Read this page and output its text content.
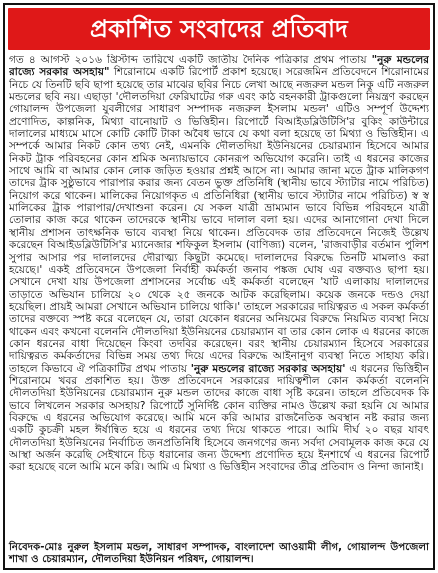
প্রকাশিত সংবাদের প্রতিবাদ

গত ৪ আগস্ট ২০১৬ খ্রিস্টাব্দ তারিখে একটি জাতীয় দৈনিক পত্রিকার প্রথম পাতায় "নুরু মন্ডলের রাজ্যে সরকার অসহায়" শিরোনামে একটি রিপোর্ট প্রকাশ হয়েছে। সরেজমিন প্রতিবেদনে শিরোনামের নিচে যে তিনটি ছবি ছাপা হয়েছে তার মাঝের ছবির নিচে লেখা আছে নজরুল মন্ডল নিকু এটি নজরুল মন্ডলের ছবি নয়। এছাড়া 'দৌলতদিয়া ফেরিঘাটের গরু এবং কাঠ বহনকারী ট্রাকগুলো নিয়ন্ত্রণ করছেন গোয়ালন্দ উপজেলা যুবলীগের সাধারণ সম্পাদক নজরুল ইসলাম মন্ডল' এটিও সম্পূর্ণ উদ্দেশ্য প্রণোদিত, কাল্পনিক, মিথ্যা বানোয়াট ও ভিত্তিহীন। রিপোর্টে বিআইডব্লিউটিসি'র বুকিং কাউন্টারে দালালের মাধ্যমে মাসে কোটি কোটি টাকা অবৈধ ভাবে যে কথা বলা হয়েছে তা মিথ্যা ও ভিত্তিহীন। এ সম্পর্কে আমার নিকট কোন তথ্য নেই, এমনকি দৌলতদিয়া ইউনিয়নের চেয়ারম্যান হিসেবে আমার নিকট ট্রাক পরিবহনের কোন শ্রমিক অন্যায়ভাবে কোনরূপ অভিযোগ করেনি। তাই এ ধরনের কাজের সাথে আমি বা আমার কোন লোক জড়িত হওয়ার প্রশ্নই আসে না। আমার জানা মতে ট্রাক মালিকগণ তাদের ট্রাক সুষ্ঠুভাবে পারাপার করার জন্য বেতন ভুক্ত প্রতিনিধি (স্থানীয় ভাবে স্ট্যাটার নামে পরিচিত) নিয়োগ করে থাকেন। মালিকের নিয়োগকৃত এ প্রতিনিধিরা (স্থানীয় ভাবে স্ট্যাটার নামে পরিচিত) স্ব স্ব মালিকের ট্রাক পারাপার/দেখাশুনা করেন। যে সকল যাত্রী ভ্রাম্যমান ভাবে বিভিন্ন পরিবহনে যাত্রী তোলার কাজ করে থাকেন তাদেরকে স্থানীয় ভাবে দালাল বলা হয়। এদের আনাগোনা দেখা দিলে স্থানীয় প্রশাসন তাৎক্ষনিক ভাবে ব্যবস্থা নিয়ে থাকেন। প্রতিবেদক তার প্রতিবেদনে নিজেই উল্লেখ করেছেন বিআইডব্লিউটিসি'র ম্যানেজার শফিকুল ইসলাম (বাণিজ্য) বলেন, 'রাজবাড়ীর বর্তমান পুলিশ সুপার আসার পর দালালদের দৌরাত্ম্য কিছুটা কমেছে। দালালদের বিরুদ্ধে তিনটি মামলাও করা হয়েছে।' একই প্রতিবেদনে উপজেলা নির্বাহী কর্মকর্তা জনাব পঙ্কজ ঘোষ এর বক্তব্যও ছাপা হয়। সেখানে দেখা যায় উপজেলা প্রশাসনের সর্বোচ্চ এই কর্মকর্তা বলেছেন 'যাট এলাকায় দালালদের তাড়াতে অভিযান চালিয়ে ২০ থেকে ২৫ জনকে আটক করেছিলাম। কয়েক জনকে দন্ডও দেয়া হয়েছিল। প্রায়ই আমরা সেখানে অভিযান চালিয়ে থাকি।' তাহলে সরকারের দায়িত্বরত এ সকল কর্মকর্তা তাদের বক্তব্যে স্পষ্ট করে বলেছেন যে, তারা যেকোন ধরনের অনিয়মের বিরুদ্ধে নিয়মিত ব্যবস্থা নিয়ে থাকেন এবং কখনো বলেননি দৌলতদিয়া ইউনিয়নের চেয়ারম্যান বা তার কোন লোক এ ধরনের কাজে কোন ধরনের বাধা দিয়েছেন কিংবা তদবির করেছেন। বরং স্থানীয় চেয়ারম্যান হিসেবে সরকারের দায়িত্বরত কর্মকর্তাদের বিভিন্ন সময় তথ্য দিয়ে এদের বিরুদ্ধে আইনানুগ ব্যবস্থা নিতে সাহায্য করি। তাহলে কিভাবে ঐ পত্রিকাটির প্রথম পাতায় 'নুরু মন্ডলের রাজ্যে সরকার অসহায়' এ ধরনের ভিত্তিহীন শিরোনামে খবর প্রকাশিত হয়। উক্ত প্রতিবেদনে সরকারের দায়িত্বশীল কোন কর্মকর্তা বলেননি দৌলতদিয়া ইউনিয়নের চেয়ারম্যান নুরু মন্ডল তাদের কাজে বাধা সৃষ্টি করেন। তাহলে প্রতিবেদক কি ভাবে লিখলেন সরকার অসহায়? রিপোর্টে সুনির্দিষ্ট কোন ব্যক্তির নামও উল্লেখ করা হয়নি যে আমার বিরুদ্ধে এ ধরনের অভিযোগ করেছে। আমি মনে করি আমার রাজনৈতিক অবস্থান নষ্ট করার জন্য একটি কুচক্রী মহল ঈর্ষান্বিত হয়ে এ ধরনের তথ্য দিয়ে থাকতে পারে। আমি দীর্ঘ ২০ বছর যাবৎ দৌলতদিয়া ইউনিয়নের নির্বাচিত জনপ্রতিনিধি হিসেবে জনগণের জন্য সর্বদা সেবামূলক কাজ করে যে আস্থা অর্জন করেছি সেইখানে চিড় ধরানোর জন্য উদ্দেশ্য প্রণোদিত হয়ে ইনশার্থে এ ধরনের রিপোর্ট করা হয়েছে বলে আমি মনে করি। আমি এ মিথ্যা ও ভিত্তিহীন সংবাদের তীব্র প্রতিবাদ ও নিন্দা জানাই।

নিবেদক-মোঃ নুরুল ইসলাম মন্ডল, সাধারণ সম্পাদক, বাংলাদেশ আওয়ামী লীগ, গোয়ালন্দ উপজেলা শাখা ও চেয়ারম্যান, দৌলতদিয়া ইউনিয়ন পরিষদ, গোয়ালন্দ।
